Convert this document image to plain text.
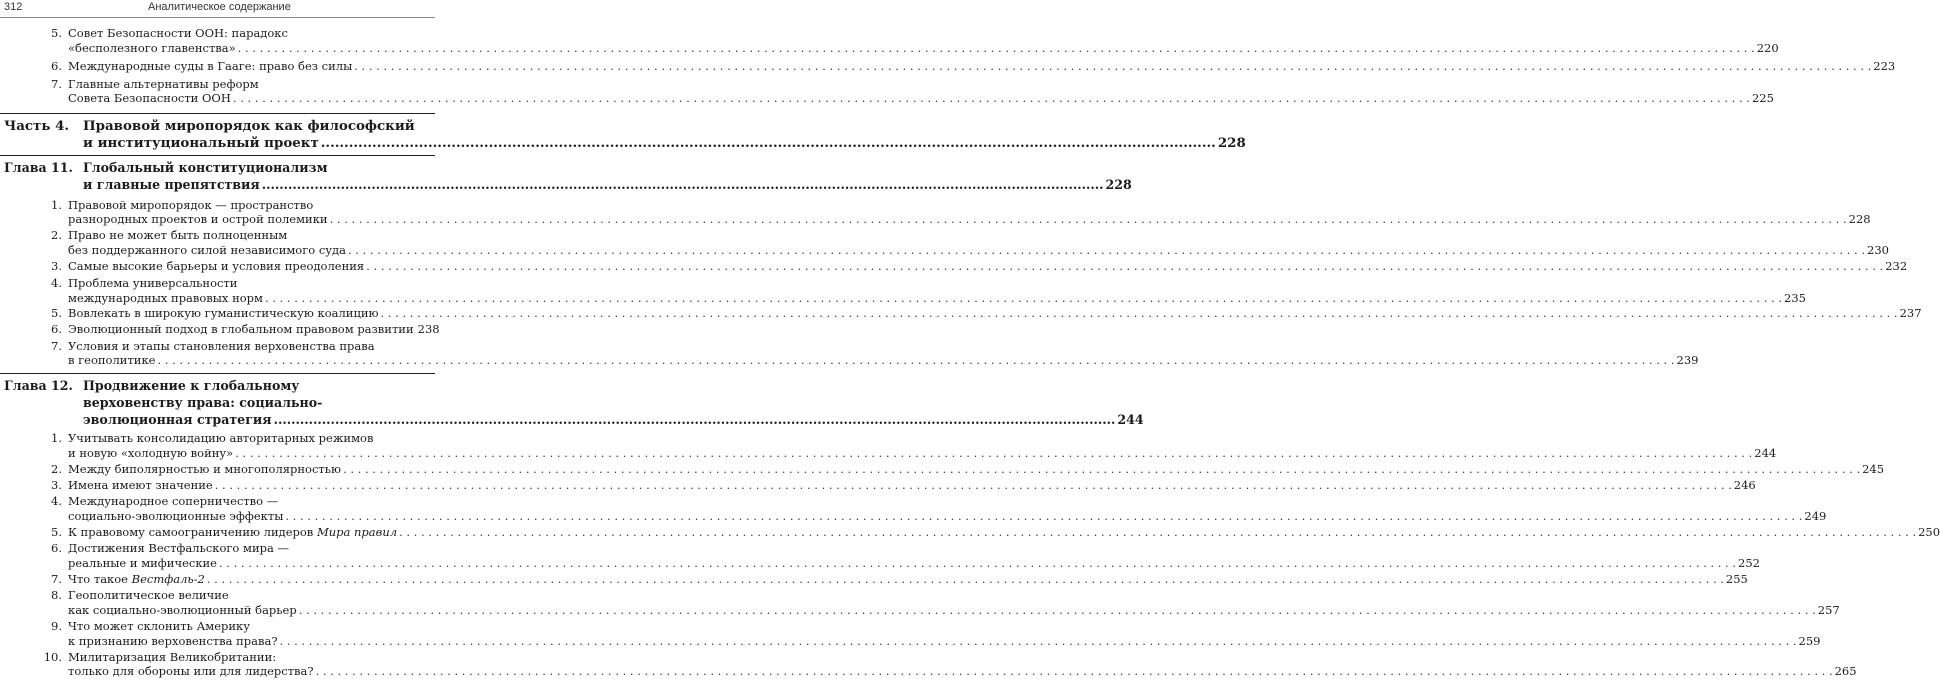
312	Аналитическое содержание
5. Совет Безопасности ООН: парадокс
«бесполезного главенства» . . .	220
6. Международные суды в Гааге: право без силы . . .	223
7. Главные альтернативы реформ
Совета Безопасности ООН . . .	225
Часть 4. Правовой миропорядок как философский
и институциональный проект .....	228
Глава 11. Глобальный конституционализм
и главные препятствия .....	228
1. Правовой миропорядок — пространство
разнородных проектов и острой полемики . . .	228
2. Право не может быть полноценным
без поддержанного силой независимого суда . . .	230
3. Самые высокие барьеры и условия преодоления . . .	232
4. Проблема универсальности
международных правовых норм . . .	235
5. Вовлекать в широкую гуманистическую коалицию . . .	237
6. Эволюционный подход в глобальном правовом развитии 238
7. Условия и этапы становления верховенства права
в геополитике . . .	239
Глава 12. Продвижение к глобальному
верховенству права: социально-
эволюционная стратегия .....	244
1. Учитывать консолидацию авторитарных режимов
и новую «холодную войну» . . .	244
2. Между биполярностью и многополярностью . . .	245
3. Имена имеют значение . . .	246
4. Международное соперничество —
социально-эволюционные эффекты . . .	249
5. К правовому самоограничению лидеров Мира правил . . .	250
6. Достижения Вестфальского мира —
реальные и мифические . . .	252
7. Что такое Вестфаль-2 . . .	255
8. Геополитическое величие
как социально-эволюционный барьер . . .	257
9. Что может склонить Америку
к признанию верховенства права? . . .	259
10. Милитаризация Великобритании:
только для обороны или для лидерства? . . .	265
